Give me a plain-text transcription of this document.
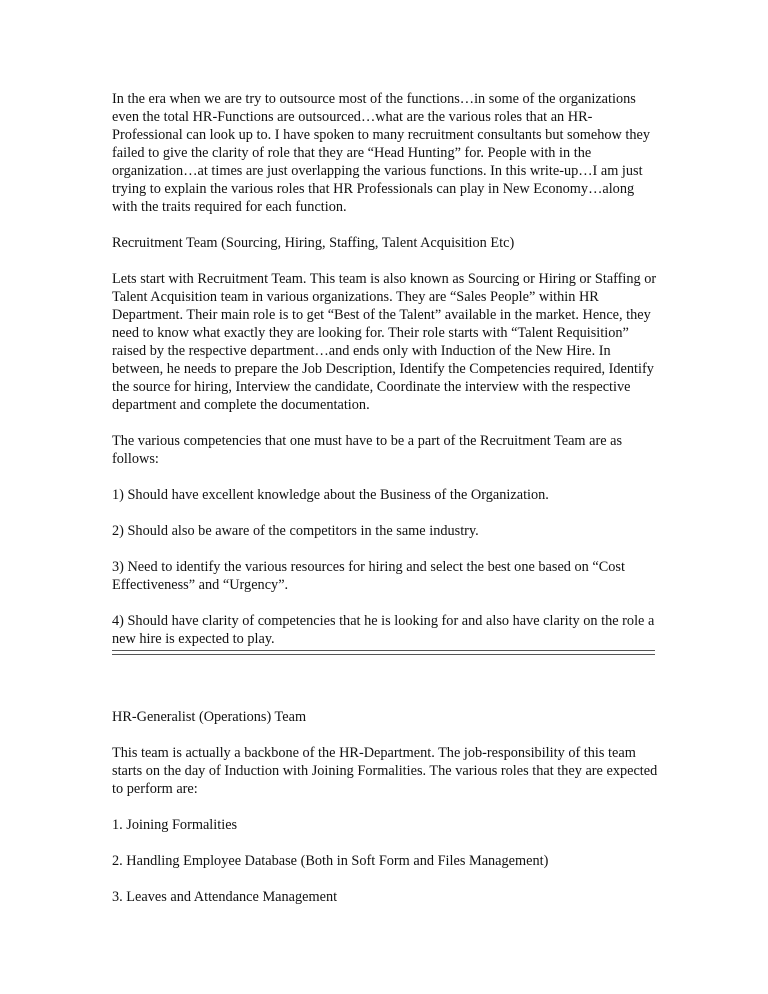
In the era when we are try to outsource most of the functions…in some of the organizations even the total HR-Functions are outsourced…what are the various roles that an HR-Professional can look up to. I have spoken to many recruitment consultants but somehow they failed to give the clarity of role that they are “Head Hunting” for. People with in the organization…at times are just overlapping the various functions. In this write-up…I am just trying to explain the various roles that HR Professionals can play in New Economy…along with the traits required for each function.

Recruitment Team (Sourcing, Hiring, Staffing, Talent Acquisition Etc)

Lets start with Recruitment Team. This team is also known as Sourcing or Hiring or Staffing or Talent Acquisition team in various organizations. They are “Sales People” within HR Department. Their main role is to get “Best of the Talent” available in the market. Hence, they need to know what exactly they are looking for. Their role starts with “Talent Requisition” raised by the respective department…and ends only with Induction of the New Hire. In between, he needs to prepare the Job Description, Identify the Competencies required, Identify the source for hiring, Interview the candidate, Coordinate the interview with the respective department and complete the documentation.

The various competencies that one must have to be a part of the Recruitment Team are as follows:

1) Should have excellent knowledge about the Business of the Organization.

2) Should also be aware of the competitors in the same industry.

3) Need to identify the various resources for hiring and select the best one based on “Cost Effectiveness” and “Urgency”.

4) Should have clarity of competencies that he is looking for and also have clarity on the role a new hire is expected to play.

HR-Generalist (Operations) Team

This team is actually a backbone of the HR-Department. The job-responsibility of this team starts on the day of Induction with Joining Formalities. The various roles that they are expected to perform are:

1. Joining Formalities

2. Handling Employee Database (Both in Soft Form and Files Management)

3. Leaves and Attendance Management
